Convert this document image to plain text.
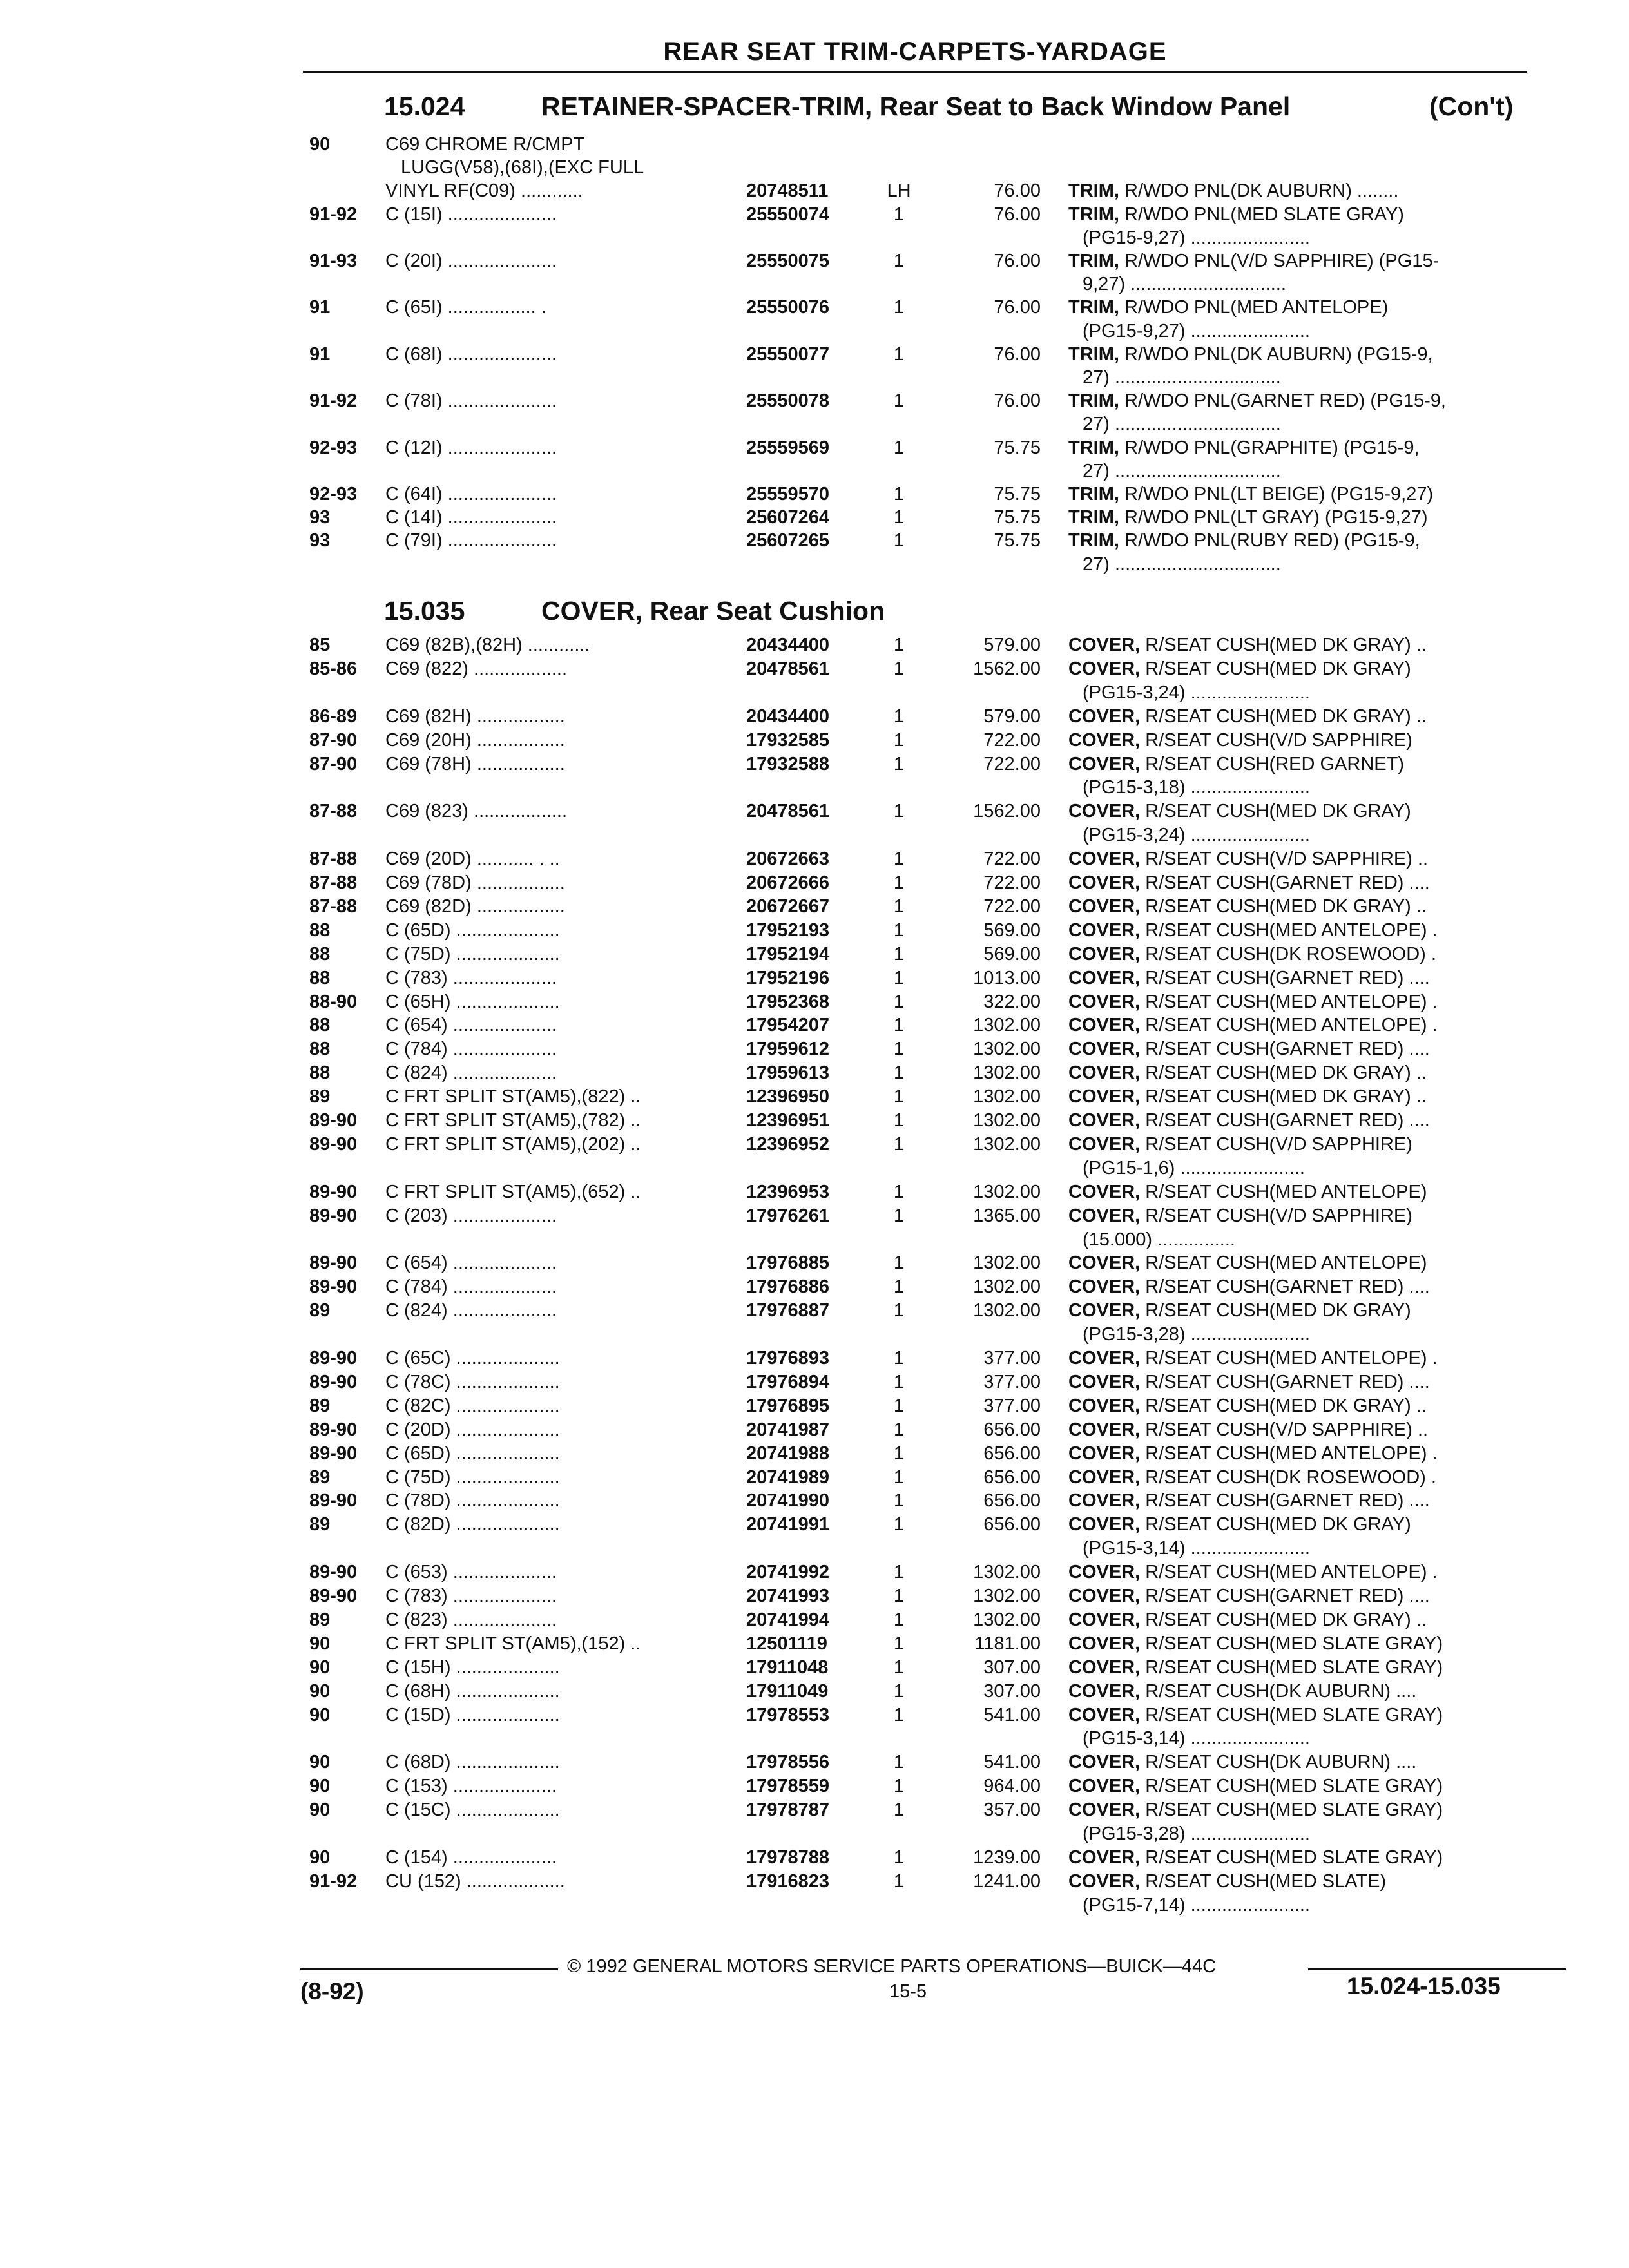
REAR SEAT TRIM-CARPETS-YARDAGE
15.024	RETAINER-SPACER-TRIM, Rear Seat to Back Window Panel	(Con't)
90	C69 CHROME R/CMPT
LUGG(V58),(68I),(EXC FULL
VINYL RF(C09) ............	20748511	LH	76.00 TRIM, R/WDO PNL(DK AUBURN) ........
91-92 C (15I) .....................	25550074	1	76.00 TRIM, R/WDO PNL(MED SLATE GRAY)
(PG15-9,27) .......................
91-93 C (20I) .....................	25550075	1	76.00 TRIM, R/WDO PNL(V/D SAPPHIRE) (PG15-
9,27) ..............................
91	C (65I) ................. .	25550076	1	76.00 TRIM, R/WDO PNL(MED ANTELOPE)
(PG15-9,27) .......................
91	C (68I) .....................	25550077	1	76.00 TRIM, R/WDO PNL(DK AUBURN) (PG15-9,
27) ................................
91-92 C (78I) .....................	25550078	1	76.00 TRIM, R/WDO PNL(GARNET RED) (PG15-9,
27) ................................
92-93 C (12I) .....................	25559569	1	75.75 TRIM, R/WDO PNL(GRAPHITE) (PG15-9,
27) ................................
92-93 C (64I) .....................	25559570	1	75.75 TRIM, R/WDO PNL(LT BEIGE) (PG15-9,27)
93	C (14I) .....................	25607264	1	75.75 TRIM, R/WDO PNL(LT GRAY) (PG15-9,27)
93	C (79I) .....................	25607265	1	75.75 TRIM, R/WDO PNL(RUBY RED) (PG15-9,
27) ................................
15.035	COVER, Rear Seat Cushion
85	C69 (82B),(82H) ............	20434400	1	579.00 COVER, R/SEAT CUSH(MED DK GRAY) ..
85-86 C69 (822) ..................	20478561	1	1562.00 COVER, R/SEAT CUSH(MED DK GRAY)
(PG15-3,24) .......................
86-89 C69 (82H) .................	20434400	1	579.00 COVER, R/SEAT CUSH(MED DK GRAY) ..
87-90 C69 (20H) .................	17932585	1	722.00 COVER, R/SEAT CUSH(V/D SAPPHIRE)
87-90 C69 (78H) .................	17932588	1	722.00 COVER, R/SEAT CUSH(RED GARNET)
(PG15-3,18) .......................
87-88 C69 (823) ..................	20478561	1	1562.00 COVER, R/SEAT CUSH(MED DK GRAY)
(PG15-3,24) .......................
87-88 C69 (20D) ........... . ..	20672663	1	722.00 COVER, R/SEAT CUSH(V/D SAPPHIRE) ..
87-88 C69 (78D) .................	20672666	1	722.00 COVER, R/SEAT CUSH(GARNET RED) ....
87-88 C69 (82D) .................	20672667	1	722.00 COVER, R/SEAT CUSH(MED DK GRAY) ..
88	C (65D) ....................	17952193	1	569.00 COVER, R/SEAT CUSH(MED ANTELOPE) .
88	C (75D) ....................	17952194	1	569.00 COVER, R/SEAT CUSH(DK ROSEWOOD) .
88	C (783) ....................	17952196	1	1013.00 COVER, R/SEAT CUSH(GARNET RED) ....
88-90 C (65H) ....................	17952368	1	322.00 COVER, R/SEAT CUSH(MED ANTELOPE) .
88	C (654) ....................	17954207	1	1302.00 COVER, R/SEAT CUSH(MED ANTELOPE) .
88	C (784) ....................	17959612	1	1302.00 COVER, R/SEAT CUSH(GARNET RED) ....
88	C (824) ....................	17959613	1	1302.00 COVER, R/SEAT CUSH(MED DK GRAY) ..
89	C FRT SPLIT ST(AM5),(822) ..	12396950	1	1302.00 COVER, R/SEAT CUSH(MED DK GRAY) ..
89-90 C FRT SPLIT ST(AM5),(782) ..	12396951	1	1302.00 COVER, R/SEAT CUSH(GARNET RED) ....
89-90 C FRT SPLIT ST(AM5),(202) ..	12396952	1	1302.00 COVER, R/SEAT CUSH(V/D SAPPHIRE)
(PG15-1,6) ........................
89-90 C FRT SPLIT ST(AM5),(652) ..	12396953	1	1302.00 COVER, R/SEAT CUSH(MED ANTELOPE)
89-90 C (203) ....................	17976261	1	1365.00 COVER, R/SEAT CUSH(V/D SAPPHIRE)
(15.000) ...............
89-90 C (654) ....................	17976885	1	1302.00 COVER, R/SEAT CUSH(MED ANTELOPE)
89-90 C (784) ....................	17976886	1	1302.00 COVER, R/SEAT CUSH(GARNET RED) ....
89	C (824) ....................	17976887	1	1302.00 COVER, R/SEAT CUSH(MED DK GRAY)
(PG15-3,28) .......................
89-90 C (65C) ....................	17976893	1	377.00 COVER, R/SEAT CUSH(MED ANTELOPE) .
89-90 C (78C) ....................	17976894	1	377.00 COVER, R/SEAT CUSH(GARNET RED) ....
89	C (82C) ....................	17976895	1	377.00 COVER, R/SEAT CUSH(MED DK GRAY) ..
89-90 C (20D) ....................	20741987	1	656.00 COVER, R/SEAT CUSH(V/D SAPPHIRE) ..
89-90 C (65D) ....................	20741988	1	656.00 COVER, R/SEAT CUSH(MED ANTELOPE) .
89	C (75D) ....................	20741989	1	656.00 COVER, R/SEAT CUSH(DK ROSEWOOD) .
89-90 C (78D) ....................	20741990	1	656.00 COVER, R/SEAT CUSH(GARNET RED) ....
89	C (82D) ....................	20741991	1	656.00 COVER, R/SEAT CUSH(MED DK GRAY)
(PG15-3,14) .......................
89-90 C (653) ....................	20741992	1	1302.00 COVER, R/SEAT CUSH(MED ANTELOPE) .
89-90 C (783) ....................	20741993	1	1302.00 COVER, R/SEAT CUSH(GARNET RED) ....
89	C (823) ....................	20741994	1	1302.00 COVER, R/SEAT CUSH(MED DK GRAY) ..
90	C FRT SPLIT ST(AM5),(152) ..	12501119	1	1181.00 COVER, R/SEAT CUSH(MED SLATE GRAY)
90	C (15H) ....................	17911048	1	307.00 COVER, R/SEAT CUSH(MED SLATE GRAY)
90	C (68H) ....................	17911049	1	307.00 COVER, R/SEAT CUSH(DK AUBURN) ....
90	C (15D) ....................	17978553	1	541.00 COVER, R/SEAT CUSH(MED SLATE GRAY)
(PG15-3,14) .......................
90	C (68D) ....................	17978556	1	541.00 COVER, R/SEAT CUSH(DK AUBURN) ....
90	C (153) ....................	17978559	1	964.00 COVER, R/SEAT CUSH(MED SLATE GRAY)
90	C (15C) ....................	17978787	1	357.00 COVER, R/SEAT CUSH(MED SLATE GRAY)
(PG15-3,28) .......................
90	C (154) ....................	17978788	1	1239.00 COVER, R/SEAT CUSH(MED SLATE GRAY)
91-92 CU (152) ...................	17916823	1	1241.00 COVER, R/SEAT CUSH(MED SLATE)
(PG15-7,14) .......................
© 1992 GENERAL MOTORS SERVICE PARTS OPERATIONS—BUICK—44C
(8-92)	15-5	15.024-15.035
